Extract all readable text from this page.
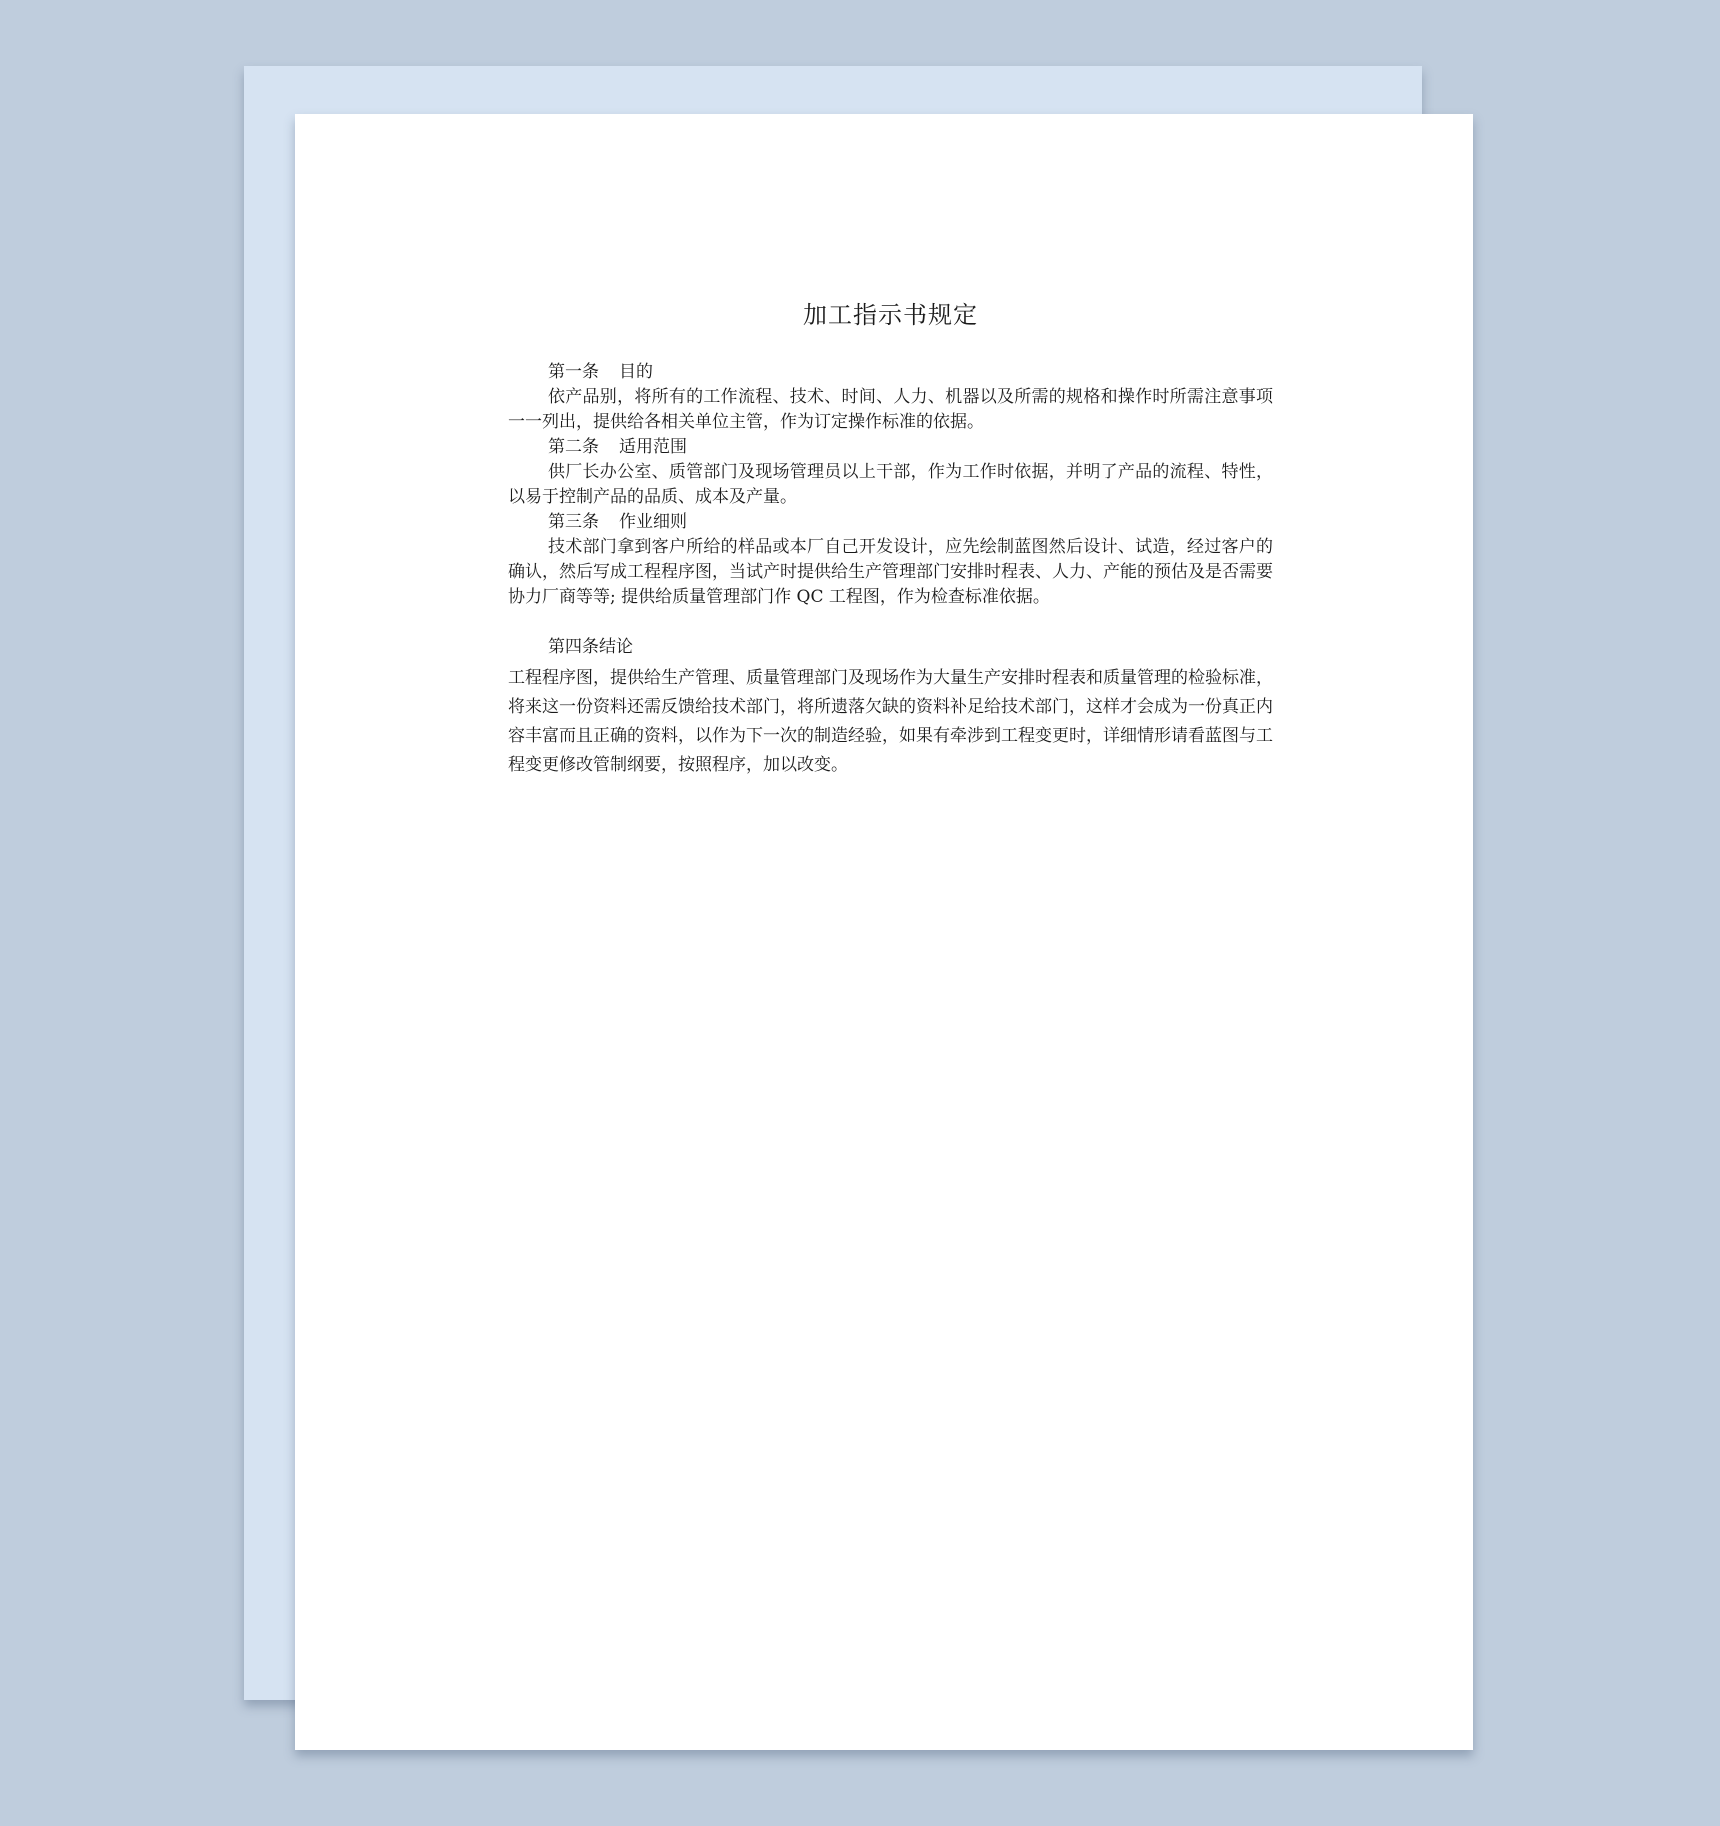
加工指示书规定

第一条 目的

依产品别，将所有的工作流程、技术、时间、人力、机器以及所需的规格和操作时所需注意事项一一列出，提供给各相关单位主管，作为订定操作标准的依据。

第二条 适用范围

供厂长办公室、质管部门及现场管理员以上干部，作为工作时依据，并明了产品的流程、特性，以易于控制产品的品质、成本及产量。

第三条 作业细则

技术部门拿到客户所给的样品或本厂自己开发设计，应先绘制蓝图然后设计、试造，经过客户的确认，然后写成工程程序图，当试产时提供给生产管理部门安排时程表、人力、产能的预估及是否需要协力厂商等等; 提供给质量管理部门作 QC 工程图，作为检查标准依据。

第四条结论

工程程序图，提供给生产管理、质量管理部门及现场作为大量生产安排时程表和质量管理的检验标准，将来这一份资料还需反馈给技术部门，将所遗落欠缺的资料补足给技术部门，这样才会成为一份真正内容丰富而且正确的资料，以作为下一次的制造经验，如果有牵涉到工程变更时，详细情形请看蓝图与工程变更修改管制纲要，按照程序，加以改变。
